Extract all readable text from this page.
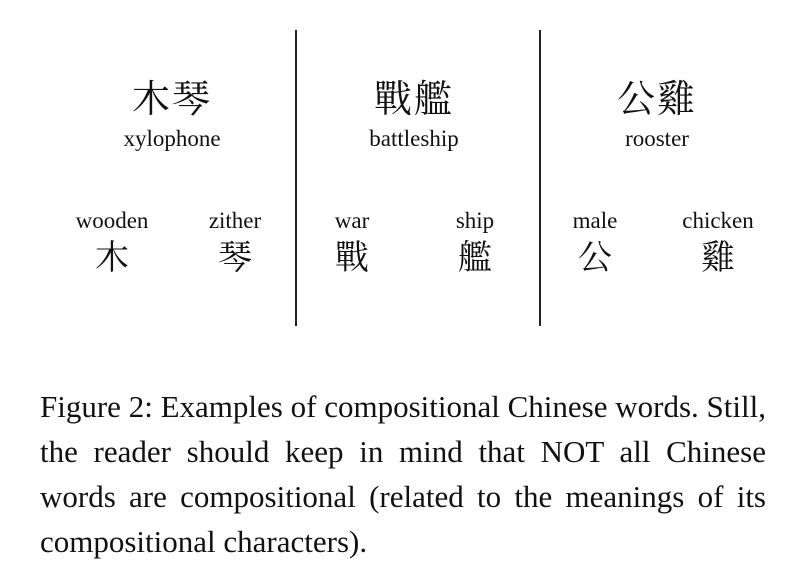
木琴
xylophone
wooden
木
zither
琴
戰艦
battleship
war
戰
ship
艦
公雞
rooster
male
公
chicken
雞

Figure 2: Examples of compositional Chinese words. Still, the reader should keep in mind that NOT all Chinese words are compositional (related to the meanings of its compositional characters).
